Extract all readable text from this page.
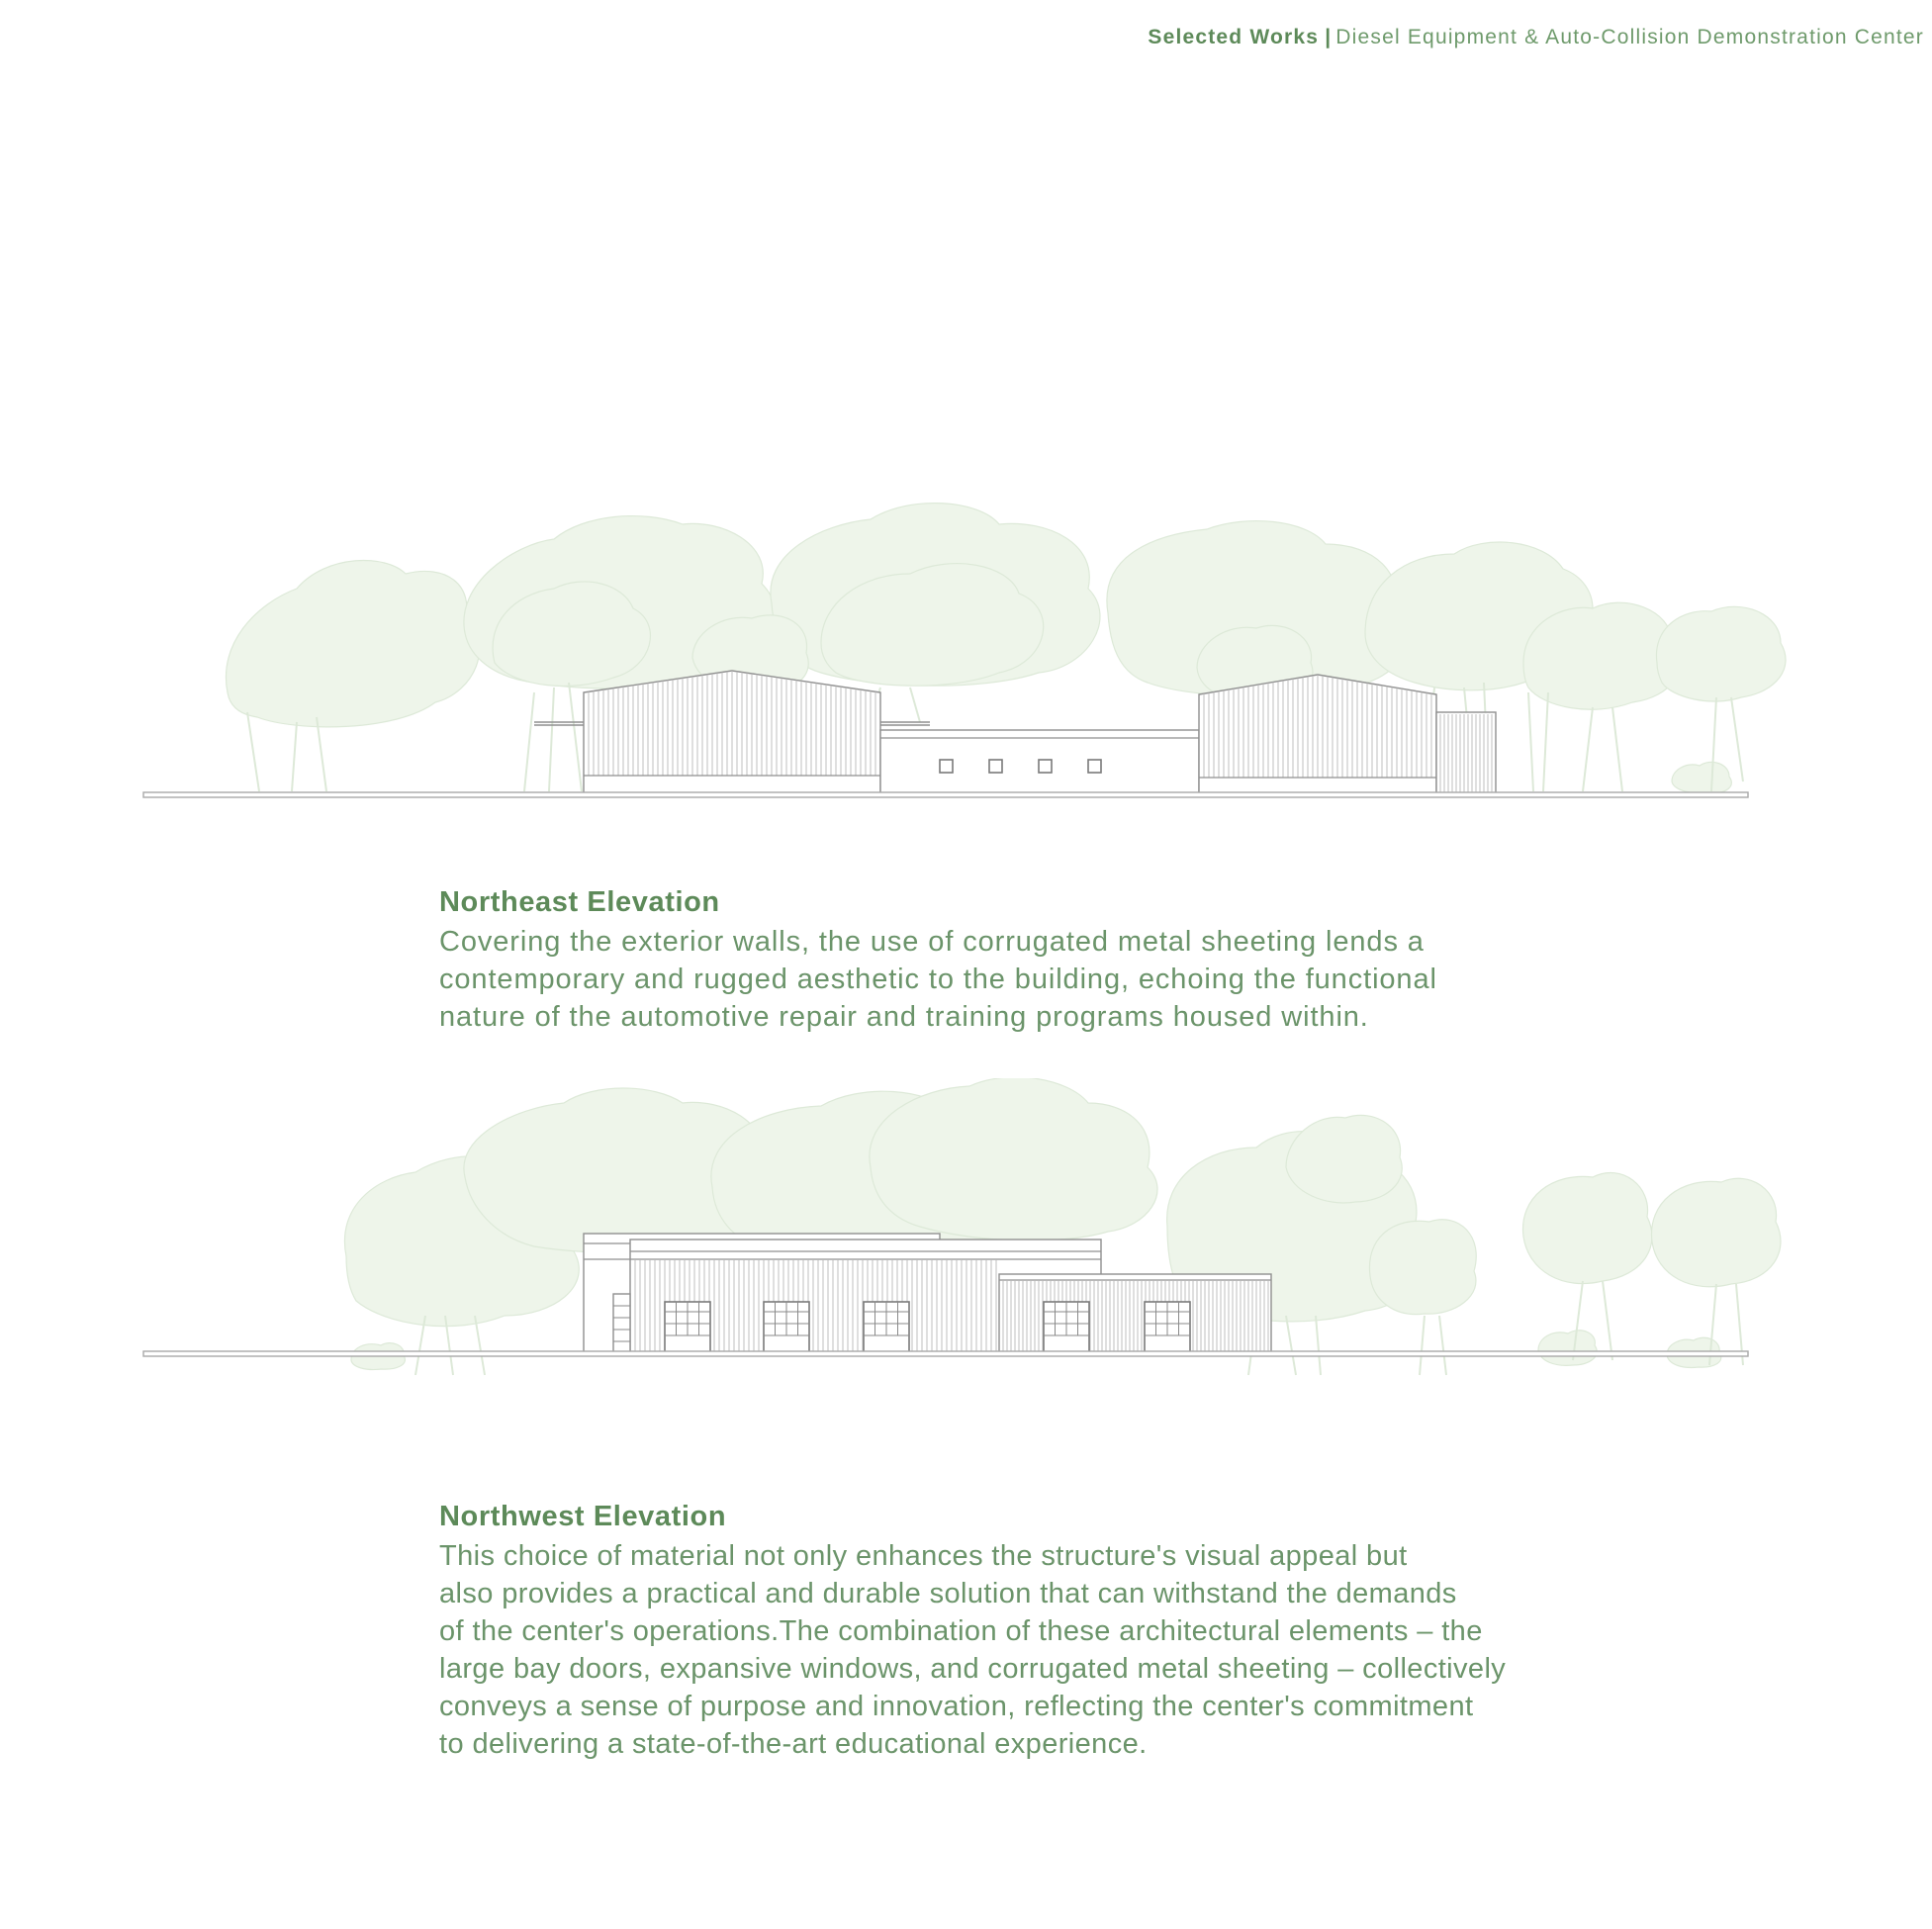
Selected Works | Diesel Equipment & Auto-Collision Demonstration Center
Northeast Elevation

Covering the exterior walls, the use of corrugated metal sheeting lends a
contemporary and rugged aesthetic to the building, echoing the functional
nature of the automotive repair and training programs housed within.

Northwest Elevation

This choice of material not only enhances the structure's visual appeal but
also provides a practical and durable solution that can withstand the demands
of the center's operations.The combination of these architectural elements – the
large bay doors, expansive windows, and corrugated metal sheeting – collectively
conveys a sense of purpose and innovation, reflecting the center's commitment
to delivering a state-of-the-art educational experience.
